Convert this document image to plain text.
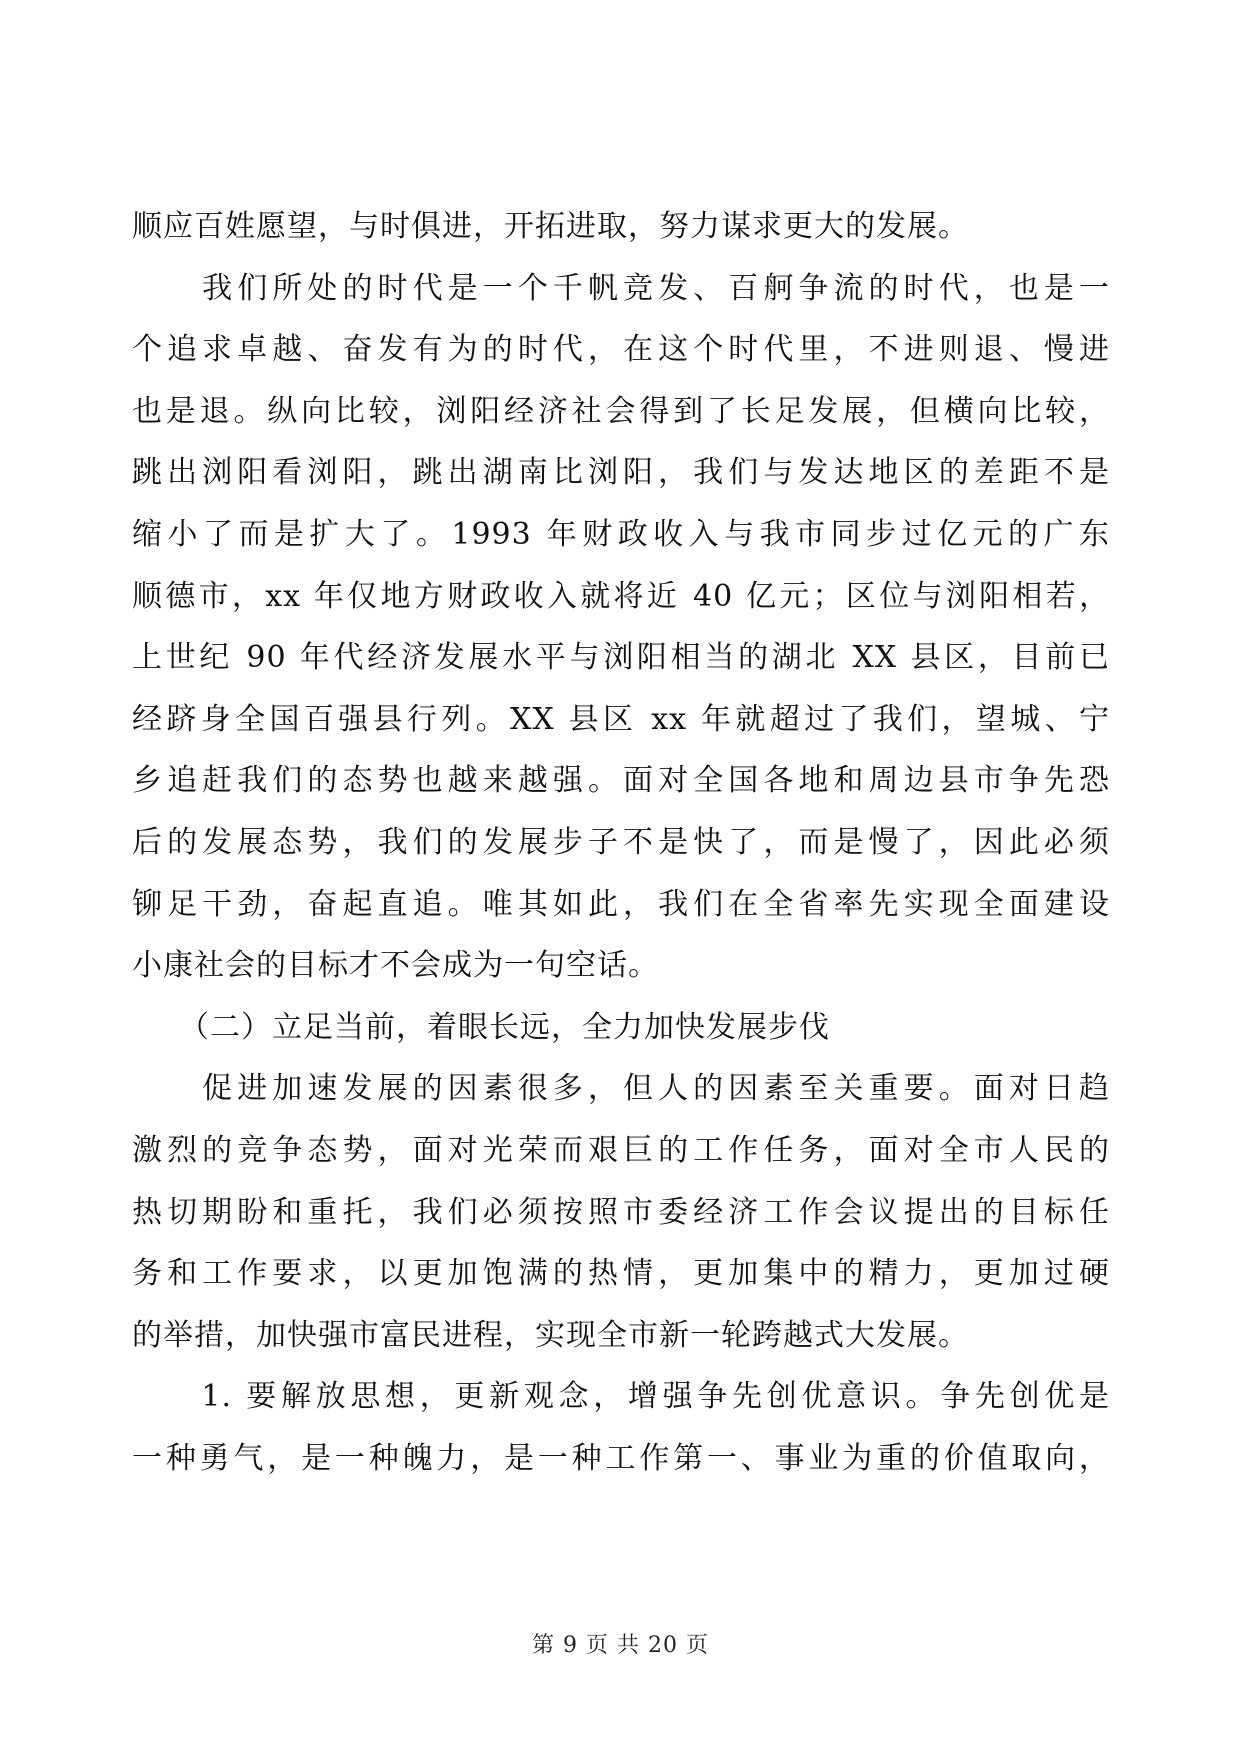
顺应百姓愿望，与时俱进，开拓进取，努力谋求更大的发展。
　　我们所处的时代是一个千帆竞发、百舸争流的时代，也是一
个追求卓越、奋发有为的时代，在这个时代里，不进则退、慢进
也是退。纵向比较，浏阳经济社会得到了长足发展，但横向比较，
跳出浏阳看浏阳，跳出湖南比浏阳，我们与发达地区的差距不是
缩小了而是扩大了。1993 年财政收入与我市同步过亿元的广东
顺德市，xx 年仅地方财政收入就将近 40 亿元；区位与浏阳相若，
上世纪 90 年代经济发展水平与浏阳相当的湖北 XX 县区，目前已
经跻身全国百强县行列。XX 县区 xx 年就超过了我们，望城、宁
乡追赶我们的态势也越来越强。面对全国各地和周边县市争先恐
后的发展态势，我们的发展步子不是快了，而是慢了，因此必须
铆足干劲，奋起直追。唯其如此，我们在全省率先实现全面建设
小康社会的目标才不会成为一句空话。
　　（二）立足当前，着眼长远，全力加快发展步伐
　　促进加速发展的因素很多，但人的因素至关重要。面对日趋
激烈的竞争态势，面对光荣而艰巨的工作任务，面对全市人民的
热切期盼和重托，我们必须按照市委经济工作会议提出的目标任
务和工作要求，以更加饱满的热情，更加集中的精力，更加过硬
的举措，加快强市富民进程，实现全市新一轮跨越式大发展。
　　1. 要解放思想，更新观念，增强争先创优意识。争先创优是
一种勇气，是一种魄力，是一种工作第一、事业为重的价值取向，
第 9 页 共 20 页
